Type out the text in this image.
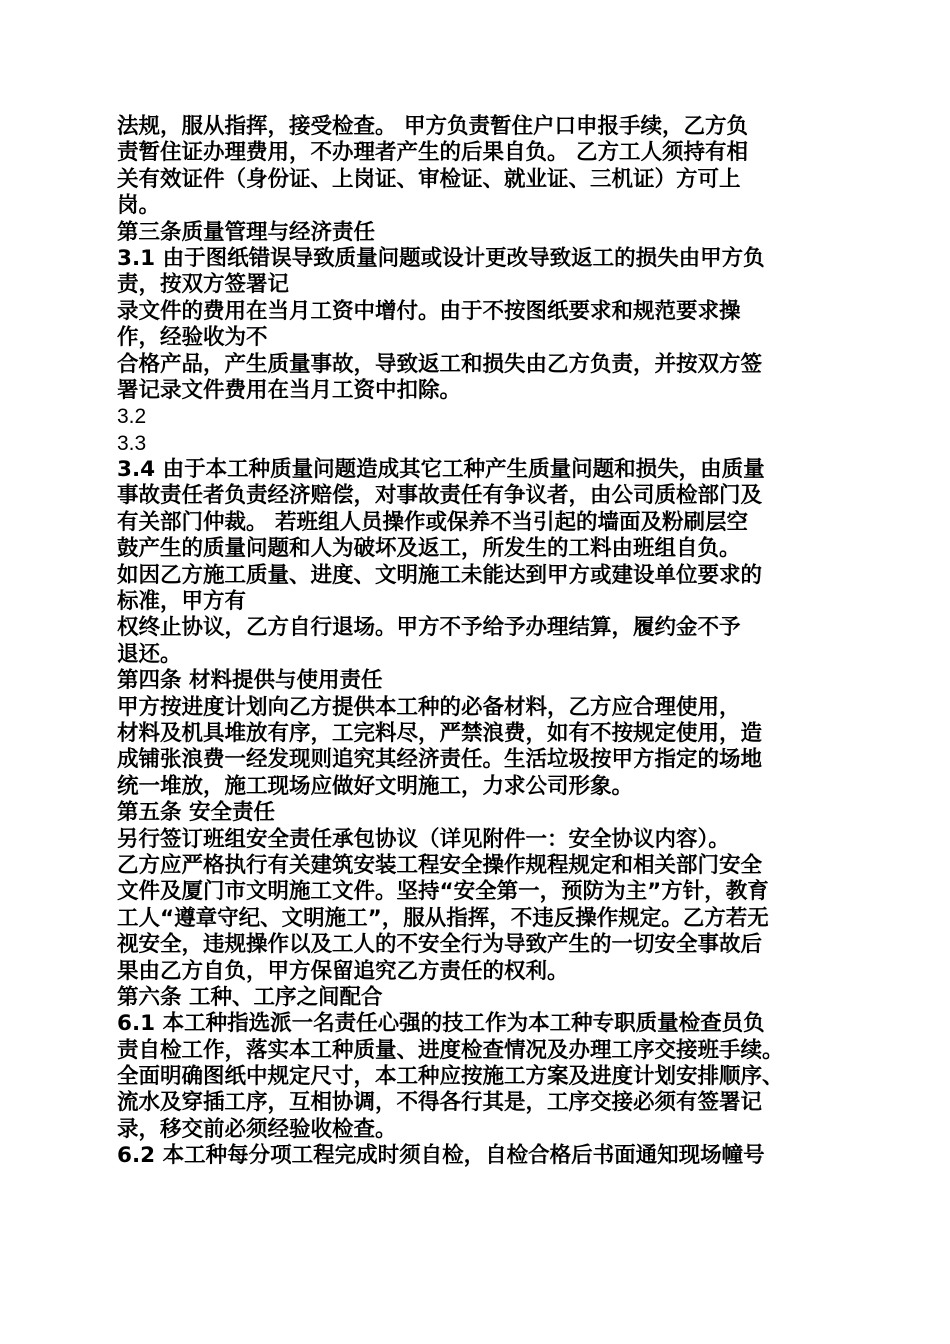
法规，服从指挥，接受检查。 甲方负责暂住户口申报手续，乙方负
责暂住证办理费用，不办理者产生的后果自负。 乙方工人须持有相
关有效证件（身份证、上岗证、审检证、就业证、三机证）方可上
岗。
第三条质量管理与经济责任
3.1 由于图纸错误导致质量问题或设计更改导致返工的损失由甲方负
责，按双方签署记
录文件的费用在当月工资中增付。由于不按图纸要求和规范要求操
作，经验收为不
合格产品，产生质量事故，导致返工和损失由乙方负责，并按双方签
署记录文件费用在当月工资中扣除。
3.2
3.3
3.4 由于本工种质量问题造成其它工种产生质量问题和损失，由质量
事故责任者负责经济赔偿，对事故责任有争议者，由公司质检部门及
有关部门仲裁。 若班组人员操作或保养不当引起的墙面及粉刷层空
鼓产生的质量问题和人为破坏及返工，所发生的工料由班组自负。
如因乙方施工质量、进度、文明施工未能达到甲方或建设单位要求的
标准，甲方有
权终止协议，乙方自行退场。甲方不予给予办理结算，履约金不予
退还。
第四条 材料提供与使用责任
甲方按进度计划向乙方提供本工种的必备材料，乙方应合理使用，
材料及机具堆放有序，工完料尽，严禁浪费，如有不按规定使用，造
成铺张浪费一经发现则追究其经济责任。生活垃圾按甲方指定的场地
统一堆放，施工现场应做好文明施工，力求公司形象。
第五条 安全责任
另行签订班组安全责任承包协议（详见附件一：安全协议内容）。
乙方应严格执行有关建筑安装工程安全操作规程规定和相关部门安全
文件及厦门市文明施工文件。坚持“安全第一，预防为主”方针，教育
工人“遵章守纪、文明施工”，服从指挥，不违反操作规定。乙方若无
视安全，违规操作以及工人的不安全行为导致产生的一切安全事故后
果由乙方自负，甲方保留追究乙方责任的权利。
第六条 工种、工序之间配合
6.1 本工种指选派一名责任心强的技工作为本工种专职质量检查员负
责自检工作，落实本工种质量、进度检查情况及办理工序交接班手续。
全面明确图纸中规定尺寸，本工种应按施工方案及进度计划安排顺序、
流水及穿插工序，互相协调，不得各行其是，工序交接必须有签署记
录，移交前必须经验收检查。
6.2 本工种每分项工程完成时须自检，自检合格后书面通知现场幢号
